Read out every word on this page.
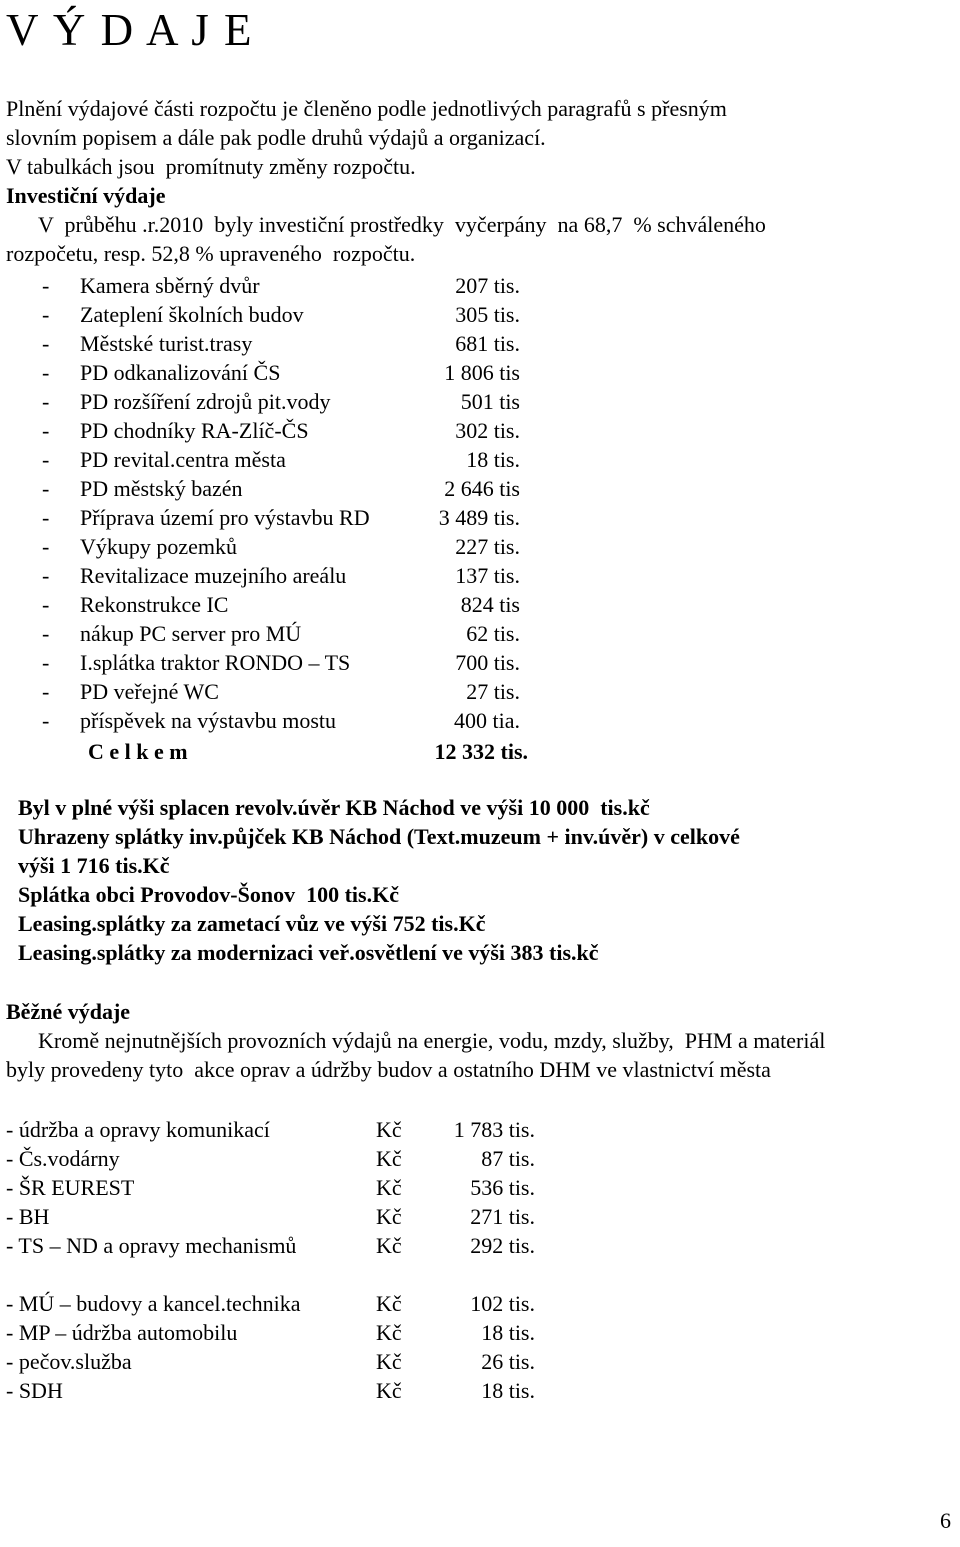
V Ý D A J E
Plnění výdajové části rozpočtu je členěno podle jednotlivých paragrafů s přesným
slovním popisem a dále pak podle druhů výdajů a organizací.
V tabulkách jsou  promítnuty změny rozpočtu.
Investiční výdaje
V  průběhu .r.2010  byly investiční prostředky  vyčerpány  na 68,7  % schváleného
rozpočetu, resp. 52,8 % upraveného  rozpočtu.
- Kamera sběrný dvůr	207 tis.
- Zateplení školních budov	305 tis.
- Městské turist.trasy	681 tis.
- PD odkanalizování ČS	1 806 tis
- PD rozšíření zdrojů pit.vody	501 tis
- PD chodníky RA-Zlíč-ČS	302 tis.
- PD revital.centra města	18 tis.
- PD městský bazén	2 646 tis
- Příprava území pro výstavbu RD	3 489 tis.
- Výkupy pozemků	227 tis.
- Revitalizace muzejního areálu	137 tis.
- Rekonstrukce IC	824 tis
- nákup PC server pro MÚ	62 tis.
- I.splátka traktor RONDO – TS	700 tis.
- PD veřejné WC	27 tis.
- příspěvek na výstavbu mostu	400 tia.
C e l k e m	12 332 tis.
Byl v plné výši splacen revolv.úvěr KB Náchod ve výši 10 000  tis.kč
Uhrazeny splátky inv.půjček KB Náchod (Text.muzeum + inv.úvěr) v celkové
výši 1 716 tis.Kč
Splátka obci Provodov-Šonov  100 tis.Kč
Leasing.splátky za zametací vůz ve výši 752 tis.Kč
Leasing.splátky za modernizaci veř.osvětlení ve výši 383 tis.kč
Běžné výdaje
Kromě nejnutnějších provozních výdajů na energie, vodu, mzdy, služby,  PHM a materiál
byly provedeny tyto  akce oprav a údržby budov a ostatního DHM ve vlastnictví města
- údržba a opravy komunikací	Kč	1 783 tis.
- Čs.vodárny	Kč	87 tis.
- ŠR EUREST	Kč	536 tis.
- BH	Kč	271 tis.
- TS – ND a opravy mechanismů	Kč	292 tis.
- MÚ – budovy a kancel.technika	Kč	102 tis.
- MP – údržba automobilu	Kč	18 tis.
- pečov.služba	Kč	26 tis.
- SDH	Kč	18 tis.
6
